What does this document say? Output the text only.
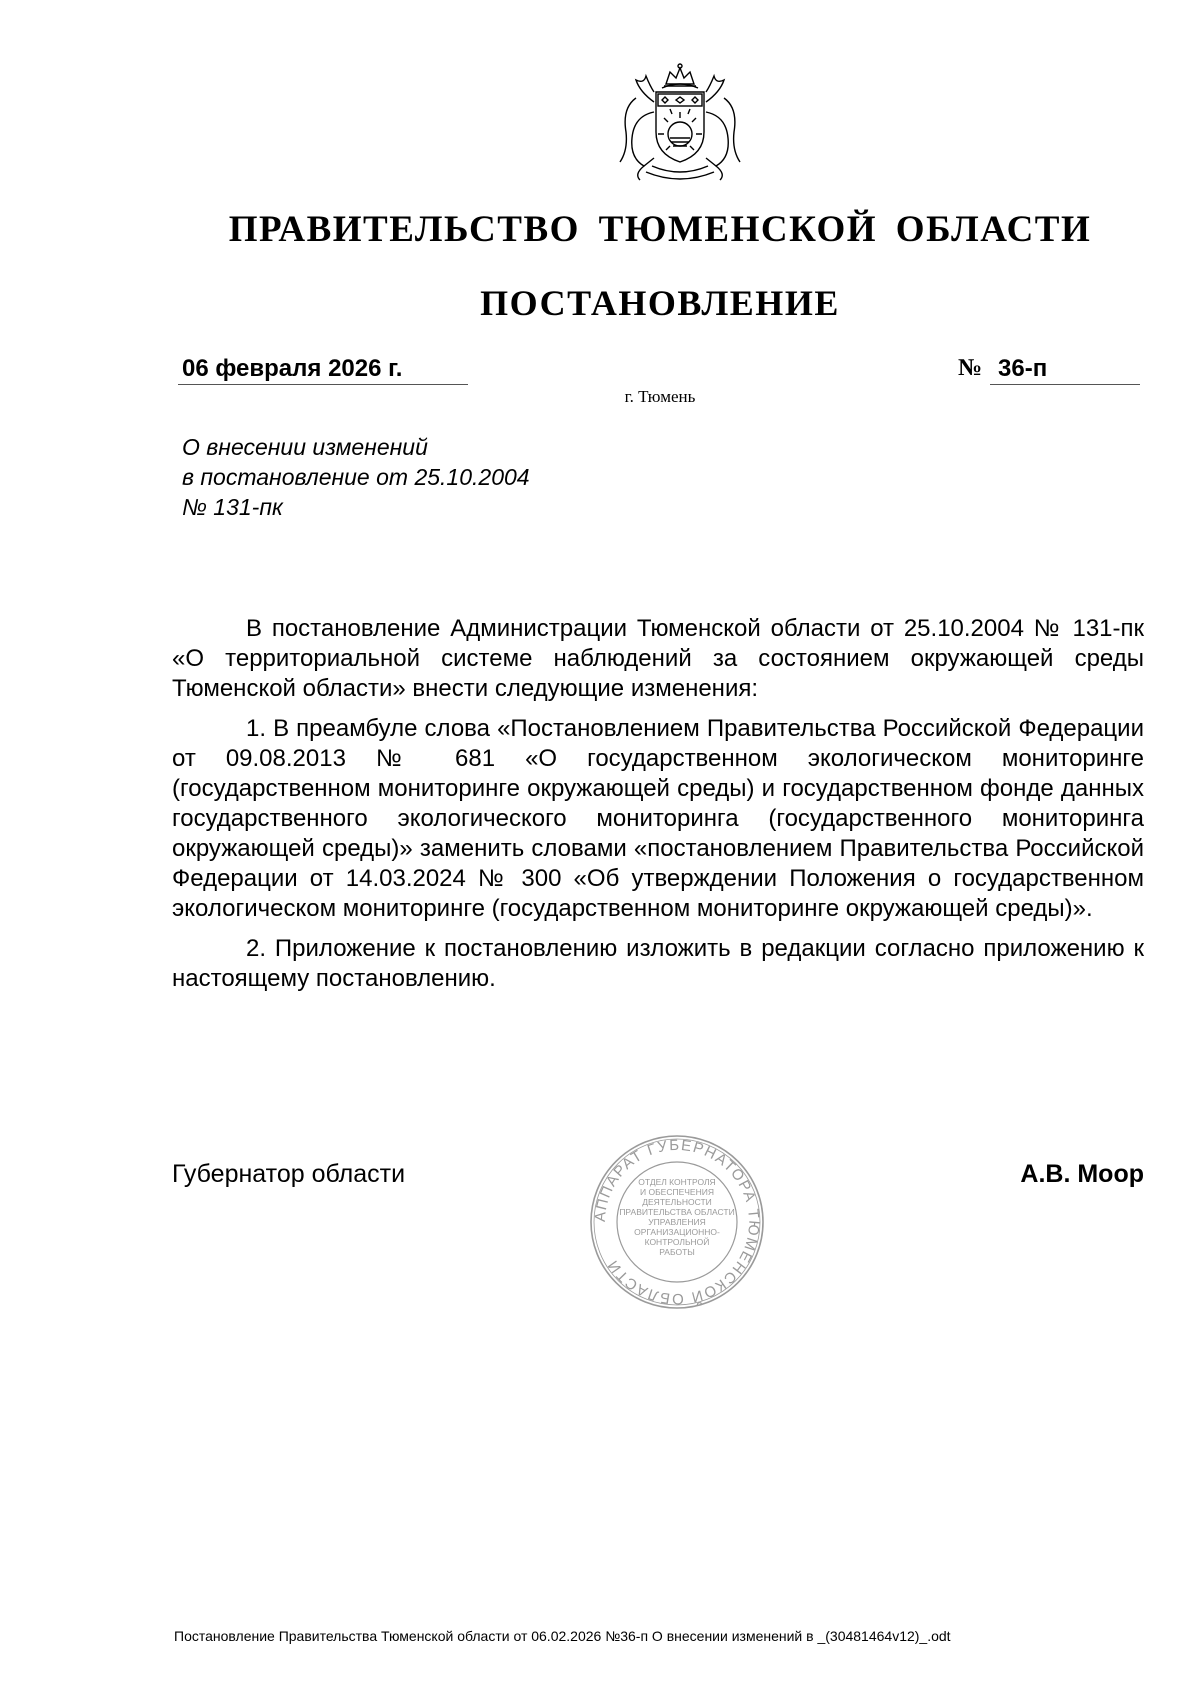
ПРАВИТЕЛЬСТВО ТЮМЕНСКОЙ ОБЛАСТИ
ПОСТАНОВЛЕНИЕ
06 февраля 2026 г.	№ 36-п
г. Тюмень
О внесении изменений
в постановление от 25.10.2004
№ 131-пк

В постановление Администрации Тюменской области от 25.10.2004 № 131-пк «О территориальной системе наблюдений за состоянием окружающей среды Тюменской области» внести следующие изменения:

1. В преамбуле слова «Постановлением Правительства Российской Федерации от 09.08.2013 № 681 «О государственном экологическом мониторинге (государственном мониторинге окружающей среды) и государственном фонде данных государственного экологического мониторинга (государственного мониторинга окружающей среды)» заменить словами «постановлением Правительства Российской Федерации от 14.03.2024 № 300 «Об утверждении Положения о государственном экологическом мониторинге (государственном мониторинге окружающей среды)».

2. Приложение к постановлению изложить в редакции согласно приложению к настоящему постановлению.

Губернатор области
АППАРАТ ГУБЕРНАТОРА ТЮМЕНСКОЙ ОБЛАСТИ
ОТДЕЛ КОНТРОЛЯ
И ОБЕСПЕЧЕНИЯ
ДЕЯТЕЛЬНОСТИ
ПРАВИТЕЛЬСТВА ОБЛАСТИ
УПРАВЛЕНИЯ
ОРГАНИЗАЦИОННО-
КОНТРОЛЬНОЙ
РАБОТЫ
А.В. Моор
Постановление Правительства Тюменской области от 06.02.2026 №36-п О внесении изменений в _(30481464v12)_.odt
